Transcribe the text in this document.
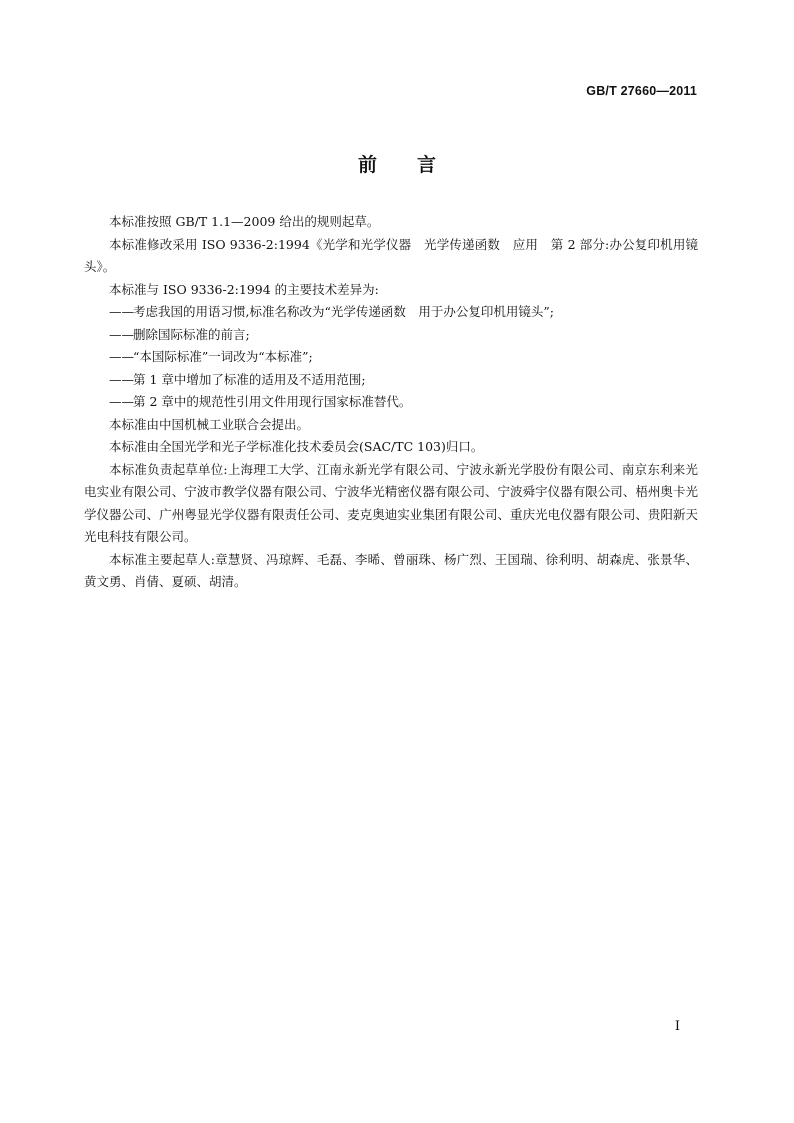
GB/T 27660—2011
前 言

本标准按照 GB/T 1.1—2009 给出的规则起草。

本标准修改采用 ISO 9336-2:1994《光学和光学仪器　光学传递函数　应用　第 2 部分:办公复印机用镜头》。

本标准与 ISO 9336-2:1994 的主要技术差异为:

——考虑我国的用语习惯,标准名称改为“光学传递函数　用于办公复印机用镜头”;

——删除国际标准的前言;

——“本国际标准”一词改为“本标准”;

——第 1 章中增加了标准的适用及不适用范围;

——第 2 章中的规范性引用文件用现行国家标准替代。

本标准由中国机械工业联合会提出。

本标准由全国光学和光子学标准化技术委员会(SAC/TC 103)归口。

本标准负责起草单位:上海理工大学、江南永新光学有限公司、宁波永新光学股份有限公司、南京东利来光电实业有限公司、宁波市教学仪器有限公司、宁波华光精密仪器有限公司、宁波舜宇仪器有限公司、梧州奥卡光学仪器公司、广州粤显光学仪器有限责任公司、麦克奥迪实业集团有限公司、重庆光电仪器有限公司、贵阳新天光电科技有限公司。

本标准主要起草人:章慧贤、冯琼辉、毛磊、李晞、曾丽珠、杨广烈、王国瑞、徐利明、胡森虎、张景华、黄文勇、肖倩、夏硕、胡清。

I
